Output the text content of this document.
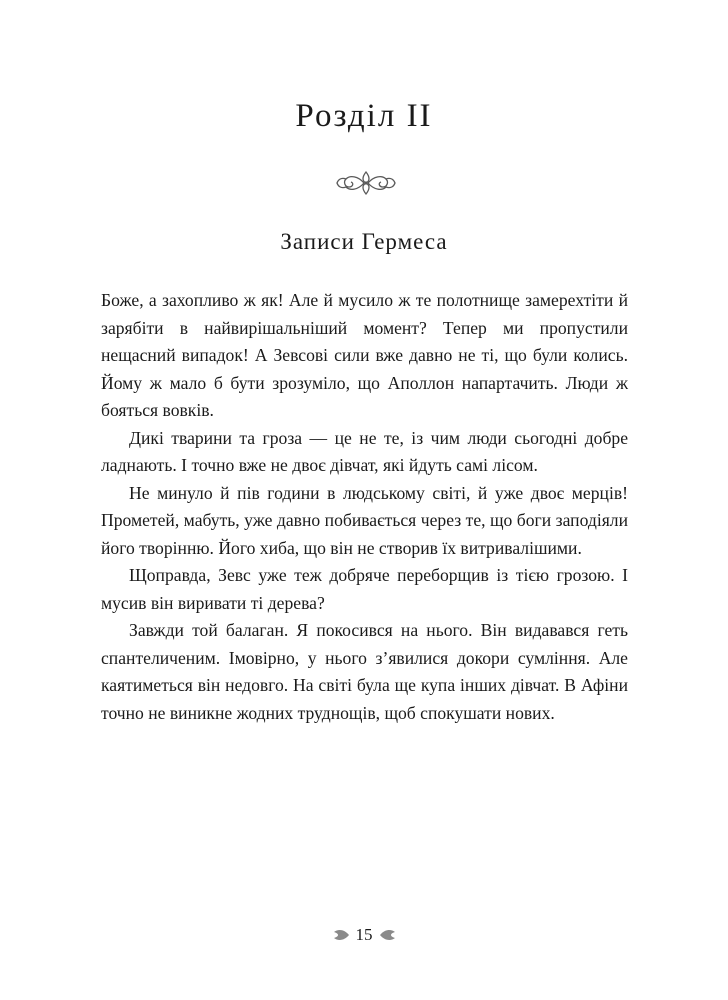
Розділ II
Записи Гермеса

Боже, а захопливо ж як! Але й мусило ж те полотнище замерехтіти й зарябіти в найвирішальніший момент? Тепер ми пропустили нещасний випадок! А Зевсові сили вже давно не ті, що були колись. Йому ж мало б бути зрозуміло, що Аполлон напартачить. Люди ж бояться вовків.

Дикі тварини та гроза — це не те, із чим люди сьогодні добре ладнають. І точно вже не двоє дівчат, які йдуть самі лісом.

Не минуло й пів години в людському світі, й уже двоє мерців! Прометей, мабуть, уже давно побивається через те, що боги заподіяли його творінню. Його хиба, що він не створив їх витривалішими.

Щоправда, Зевс уже теж добряче переборщив із тією грозою. І мусив він виривати ті дерева?

Завжди той балаган. Я покосився на нього. Він видавався геть спантеличеним. Імовірно, у нього з’явилися докори сумління. Але каятиметься він недовго. На світі була ще купа інших дівчат. В Афіни точно не виникне жодних труднощів, щоб спокушати нових.

15
